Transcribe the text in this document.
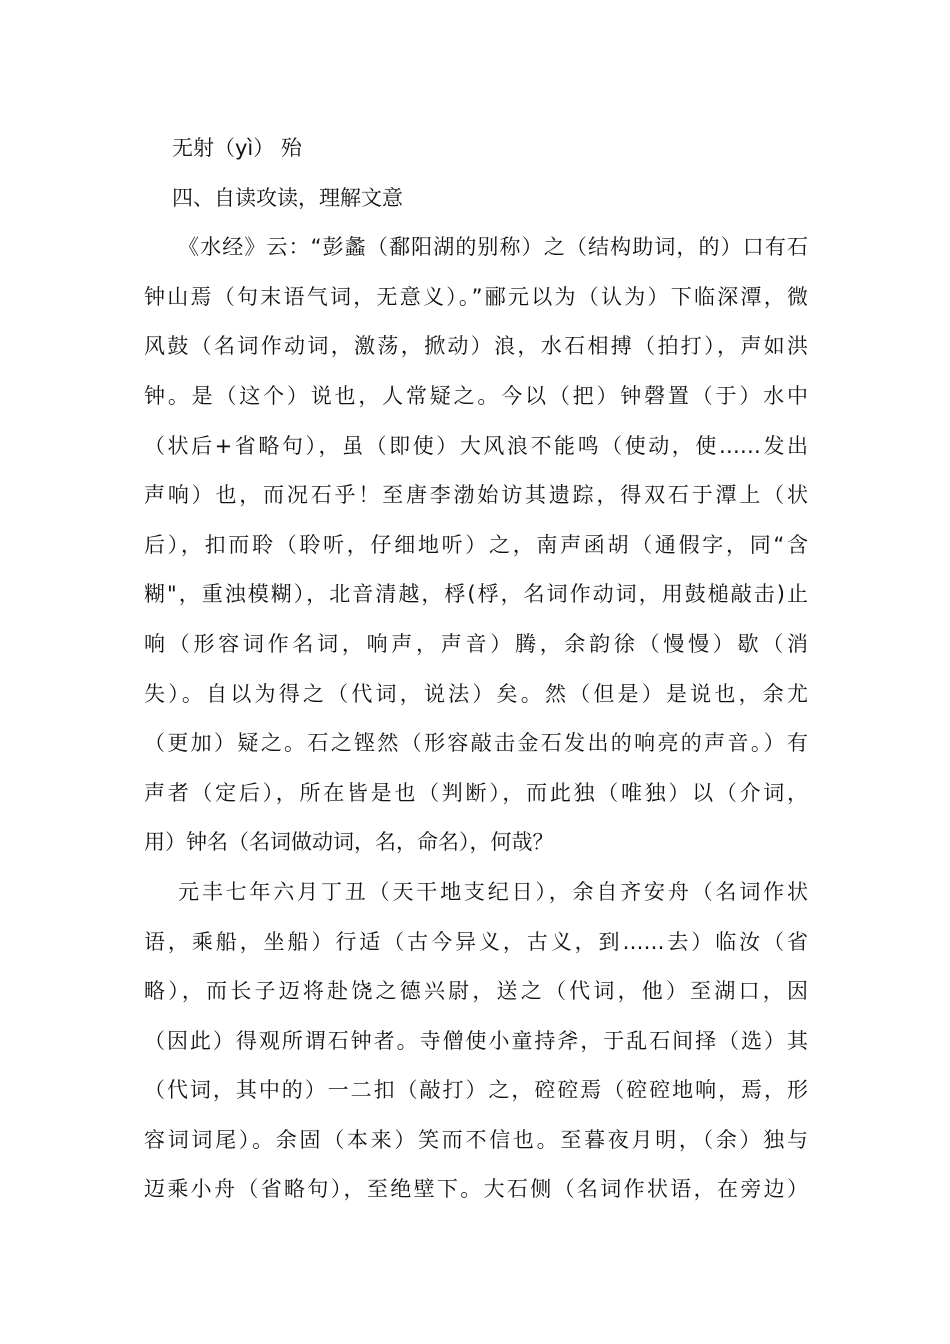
无射（yì） 殆
四、自读攻读，理解文意
《水经》云：“彭蠡（鄱阳湖的别称）之（结构助词，的）口有石
钟山焉（句末语气词，无意义）。”郦元以为（认为）下临深潭，微
风鼓（名词作动词，激荡，掀动）浪，水石相搏（拍打），声如洪
钟。是（这个）说也，人常疑之。今以（把）钟磬置（于）水中
（状后+省略句），虽（即使）大风浪不能鸣（使动，使……发出
声响）也，而况石乎！至唐李渤始访其遗踪，得双石于潭上（状
后），扣而聆（聆听，仔细地听）之，南声函胡（通假字，同“含
糊"，重浊模糊），北音清越，桴(桴，名词作动词，用鼓槌敲击)止
响（形容词作名词，响声，声音）腾，余韵徐（慢慢）歇（消
失）。自以为得之（代词，说法）矣。然（但是）是说也，余尤
（更加）疑之。石之铿然（形容敲击金石发出的响亮的声音。）有
声者（定后），所在皆是也（判断），而此独（唯独）以（介词，
用）钟名（名词做动词，名，命名），何哉？
元丰七年六月丁丑（天干地支纪日），余自齐安舟（名词作状
语，乘船，坐船）行适（古今异义，古义，到……去）临汝（省
略），而长子迈将赴饶之德兴尉，送之（代词，他）至湖口，因
（因此）得观所谓石钟者。寺僧使小童持斧，于乱石间择（选）其
（代词，其中的）一二扣（敲打）之，硿硿焉（硿硿地响，焉，形
容词词尾）。余固（本来）笑而不信也。至暮夜月明，（余）独与
迈乘小舟（省略句），至绝壁下。大石侧（名词作状语，在旁边）
